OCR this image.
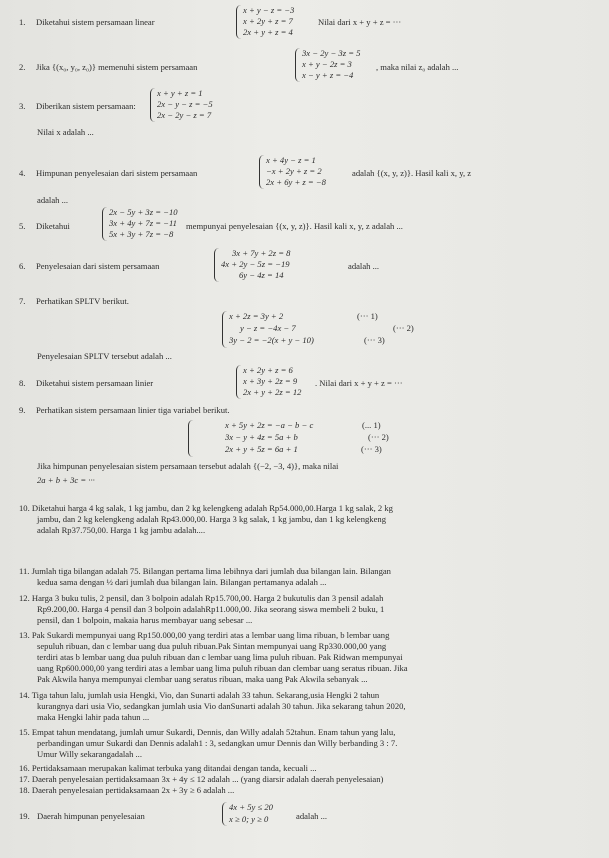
1. Diketahui sistem persamaan linear
x + y − z = −3
x + 2y + z = 7
2x + y + z = 4
Nilai dari x + y + z = ···
2. Jika {(x₀, y₀, z₀)} memenuhi sistem persamaan
3x − 2y − 3z = 5
x + y − 2z = 3
x − y + z = −4
, maka nilai z₀ adalah ...
3. Diberikan sistem persamaan:
x + y + z = 1
2x − y − z = −5
2x − 2y − z = 7
Nilai x adalah ...
4. Himpunan penyelesaian dari sistem persamaan
x + 4y − z = 1
−x + 2y + z = 2
2x + 6y + z = −8
adalah {(x, y, z)}. Hasil kali x, y, z
adalah ...
5. Diketahui
2x − 5y + 3z = −10
3x + 4y + 7z = −11
5x + 3y + 7z = −8
mempunyai penyelesaian {(x, y, z)}. Hasil kali x, y, z adalah ...
6. Penyelesaian dari sistem persamaan
3x + 7y + 2z = 8
4x + 2y − 5z = −19
6y − 4z = 14
adalah ...
7. Perhatikan SPLTV berikut.
x + 2z = 3y + 2
y − z = −4x − 7
3y − 2 = −2(x + y − 10)
(··· 1)
(··· 2)
(··· 3)
Penyelesaian SPLTV tersebut adalah ...
8. Diketahui sistem persamaan linier
x + 2y + z = 6
x + 3y + 2z = 9
2x + y + 2z = 12
. Nilai dari x + y + z = ···
9. Perhatikan sistem persamaan linier tiga variabel berikut.
x + 5y + 2z = −a − b − c
3x − y + 4z = 5a + b
2x + y + 5z = 6a + 1
(... 1)
(··· 2)
(··· 3)
Jika himpunan penyelesaian sistem persamaan tersebut adalah {(−2, −3, 4)}, maka nilai
2a + b + 3c = ···
10. Diketahui harga 4 kg salak, 1 kg jambu, dan 2 kg kelengkeng adalah Rp54.000,00.Harga 1 kg salak, 2 kg
jambu, dan 2 kg kelengkeng adalah Rp43.000,00. Harga 3 kg salak, 1 kg jambu, dan 1 kg kelengkeng
adalah Rp37.750,00. Harga 1 kg jambu adalah....
11. Jumlah tiga bilangan adalah 75. Bilangan pertama lima lebihnya dari jumlah dua bilangan lain. Bilangan
kedua sama dengan ½ dari jumlah dua bilangan lain. Bilangan pertamanya adalah ...
12. Harga 3 buku tulis, 2 pensil, dan 3 bolpoin adalah Rp15.700,00. Harga 2 bukutulis dan 3 pensil adalah
Rp9.200,00. Harga 4 pensil dan 3 bolpoin adalahRp11.000,00. Jika seorang siswa membeli 2 buku, 1
pensil, dan 1 bolpoin, makaia harus membayar uang sebesar ...
13. Pak Sukardi mempunyai uang Rp150.000,00 yang terdiri atas a lembar uang lima ribuan, b lembar uang
sepuluh ribuan, dan c lembar uang dua puluh ribuan.Pak Sintan mempunyai uang Rp330.000,00 yang
terdiri atas b lembar uang dua puluh ribuan dan c lembar uang lima puluh ribuan. Pak Ridwan mempunyai
uang Rp600.000,00 yang terdiri atas a lembar uang lima puluh ribuan dan clembar uang seratus ribuan. Jika
Pak Akwila hanya mempunyai clembar uang seratus ribuan, maka uang Pak Akwila sebanyak ...
14. Tiga tahun lalu, jumlah usia Hengki, Vio, dan Sunarti adalah 33 tahun. Sekarang,usia Hengki 2 tahun
kurangnya dari usia Vio, sedangkan jumlah usia Vio danSunarti adalah 30 tahun. Jika sekarang tahun 2020,
maka Hengki lahir pada tahun ...
15. Empat tahun mendatang, jumlah umur Sukardi, Dennis, dan Willy adalah 52tahun. Enam tahun yang lalu,
perbandingan umur Sukardi dan Dennis adalah1 : 3, sedangkan umur Dennis dan Willy berbanding 3 : 7.
Umur Willy sekarangadalah ...
16. Pertidaksamaan merupakan kalimat terbuka yang ditandai dengan tanda, kecuali ...
17. Daerah penyelesaian pertidaksamaan 3x + 4y ≤ 12 adalah ... (yang diarsir adalah daerah penyelesaian)
18. Daerah penyelesaian pertidaksamaan 2x + 3y ≥ 6 adalah ...
19. Daerah himpunan penyelesaian
4x + 5y ≤ 20
x ≥ 0; y ≥ 0	adalah ...
